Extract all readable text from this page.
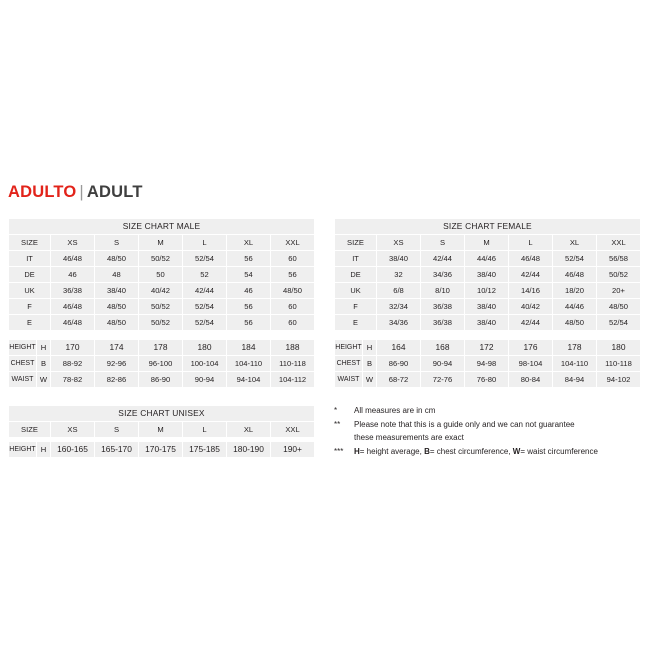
ADULTO | ADULT
SIZE CHART MALE						
SIZE	XS	S	M	L	XL	XXL
IT	46/48	48/50	50/52	52/54	56	60
DE	46	48	50	52	54	56
UK	36/38	38/40	40/42	42/44	46	48/50
F	46/48	48/50	50/52	52/54	56	60
E	46/48	48/50	50/52	52/54	56	60
HEIGHT	H	170	174	178	180	184	188
CHEST	B	88-92	92-96	96-100	100-104	104-110	110-118
WAIST	W	78-82	82-86	86-90	90-94	94-104	104-112
SIZE CHART FEMALE						
SIZE	XS	S	M	L	XL	XXL
IT	38/40	42/44	44/46	46/48	52/54	56/58
DE	32	34/36	38/40	42/44	46/48	50/52
UK	6/8	8/10	10/12	14/16	18/20	20+
F	32/34	36/38	38/40	40/42	44/46	48/50
E	34/36	36/38	38/40	42/44	48/50	52/54
HEIGHT	H	164	168	172	176	178	180
CHEST	B	86-90	90-94	94-98	98-104	104-110	110-118
WAIST	W	68-72	72-76	76-80	80-84	84-94	94-102
SIZE CHART UNISEX
SIZE	XS	S	M	L	XL	XXL
HEIGHT	H	160-165	165-170	170-175	175-185	180-190	190+
*	All measures are in cm
**	Please note that this is a guide only and we can not guarantee
these measurements are exact
***	H= height average, B= chest circumference, W= waist circumference
